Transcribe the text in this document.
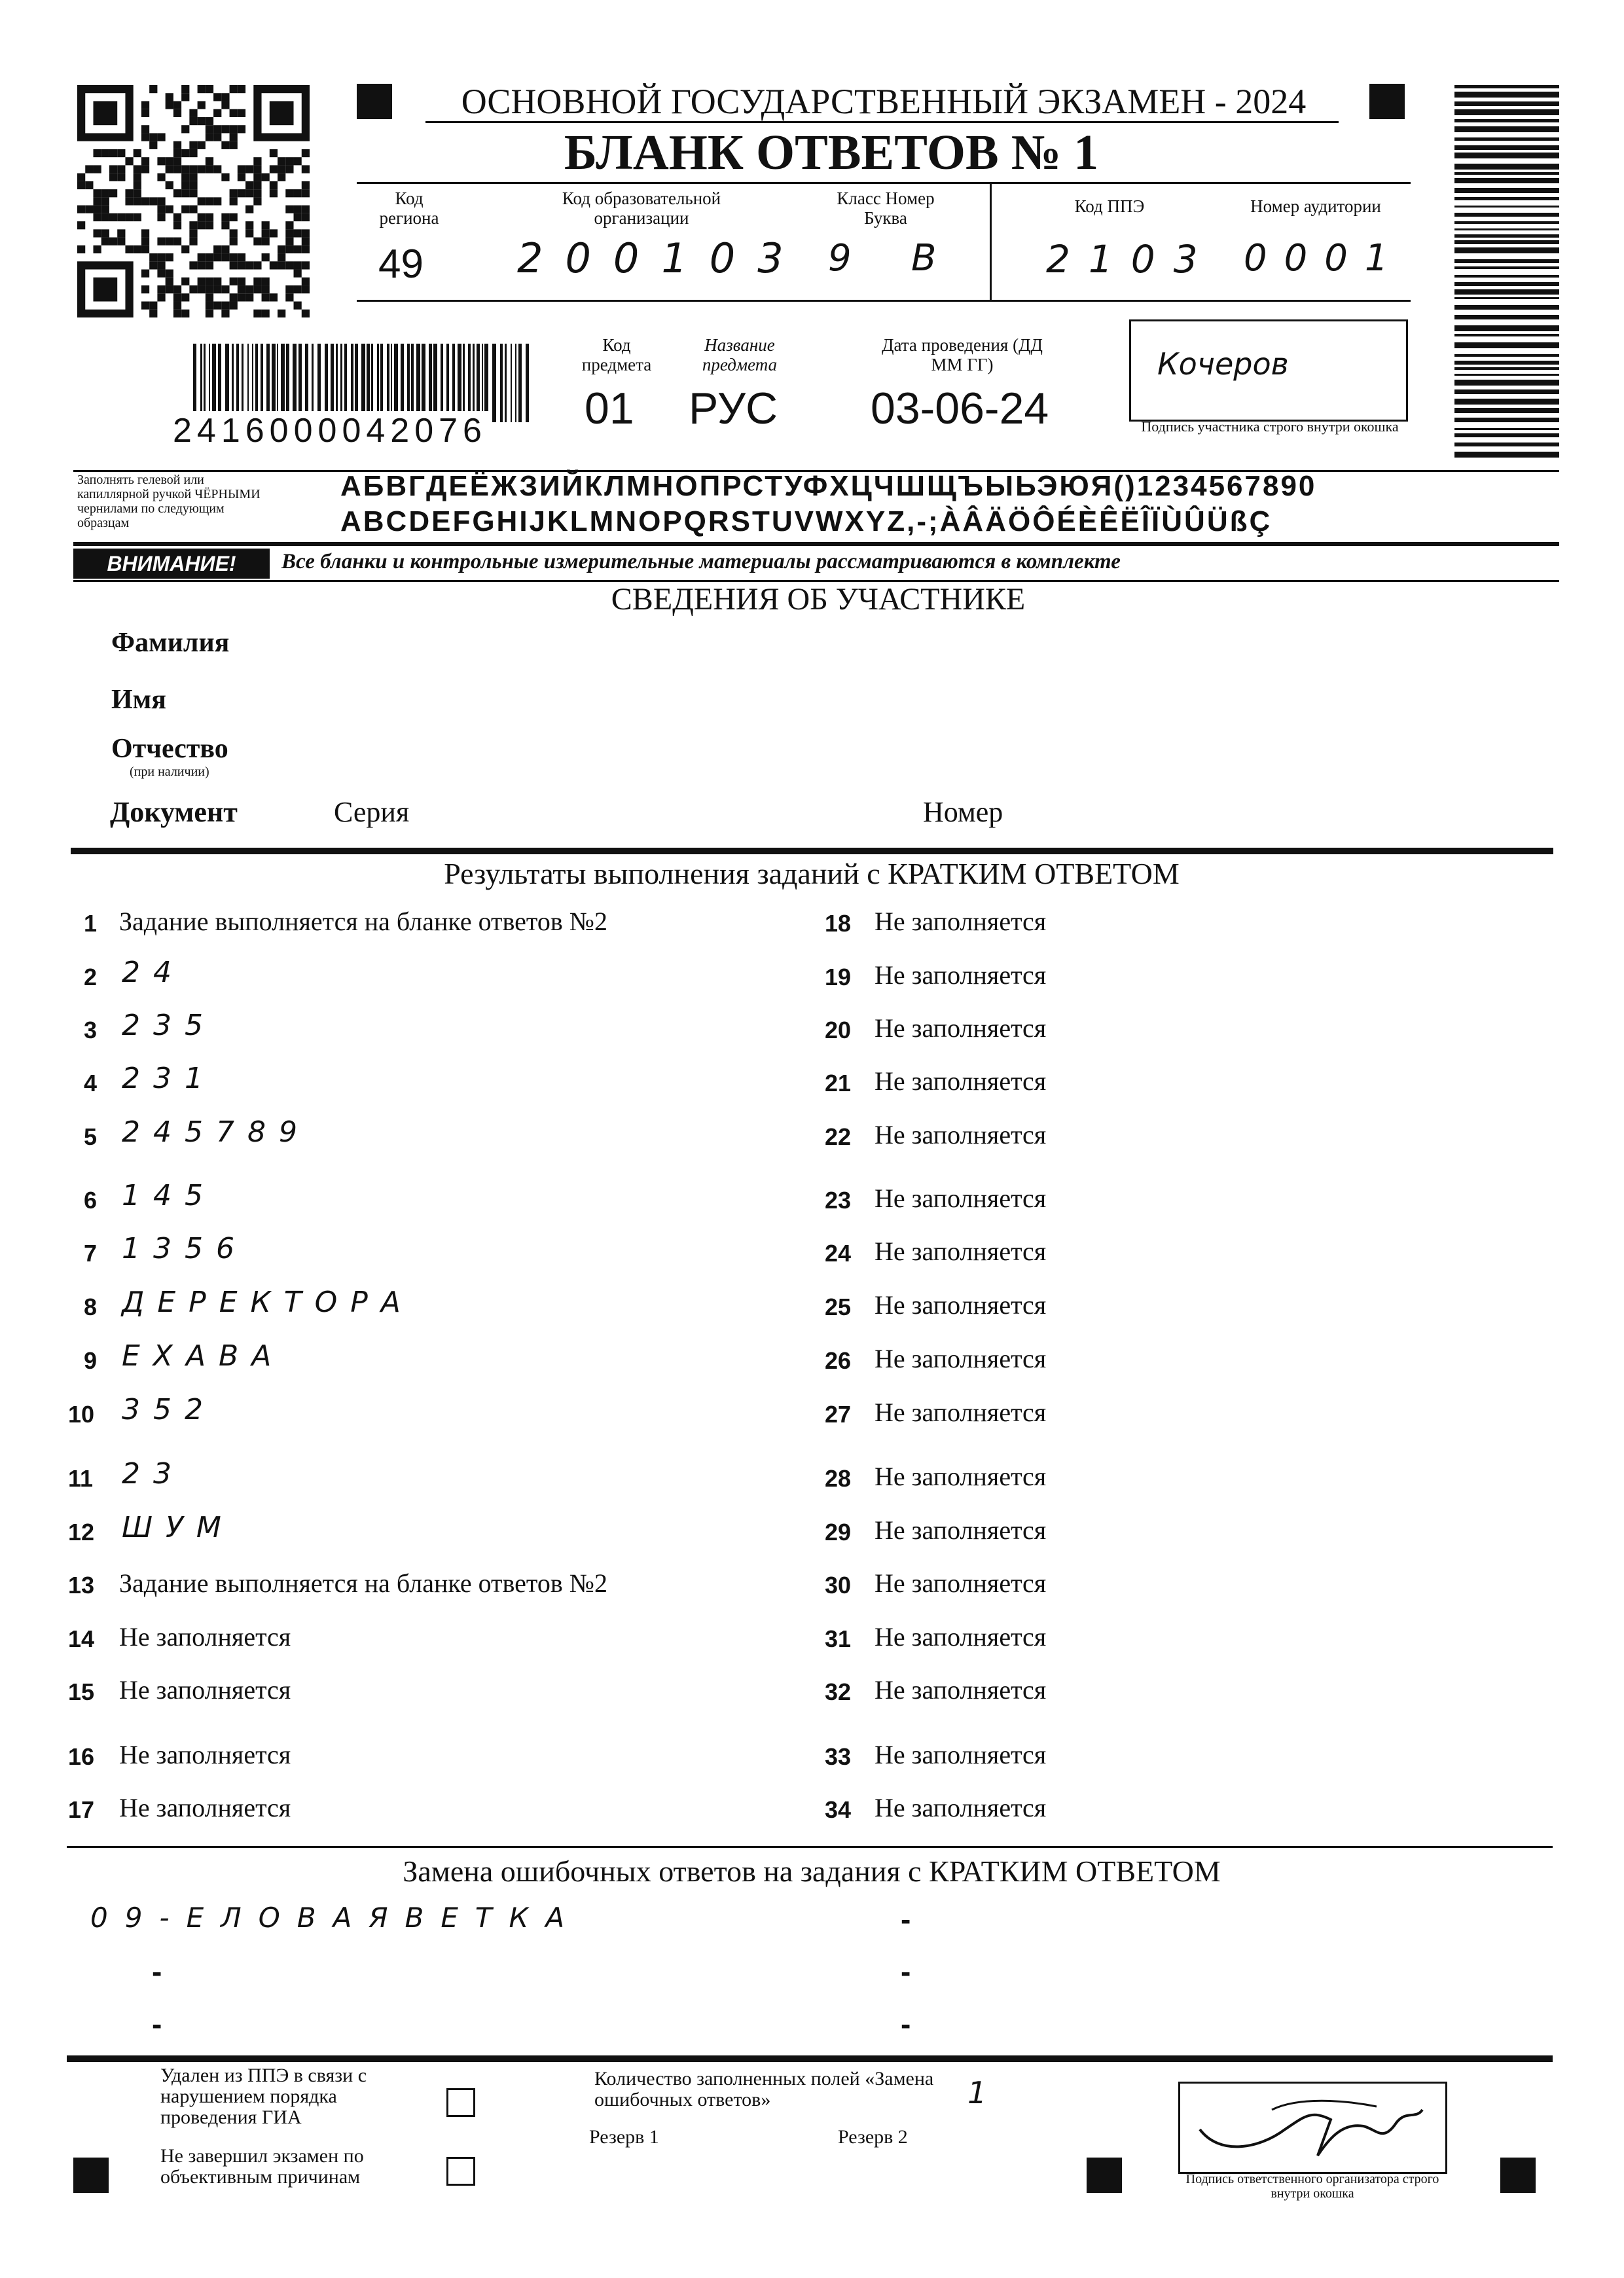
ОСНОВНОЙ ГОСУДАРСТВЕННЫЙ ЭКЗАМЕН - 2024
БЛАНК ОТВЕТОВ № 1
Код региона
49
Код образовательной организации
200103
Класс Номер Буква
9 В
Код ППЭ
2103
Номер аудитории
0001
2416000042076
Код предмета
01
Название предмета
РУС
Дата проведения (ДД ММ ГГ)
03-06-24
Кочеров
Подпись участника строго внутри окошка
Заполнять гелевой или капиллярной ручкой ЧЁРНЫМИ чернилами по следующим образцам
АБВГДЕЁЖЗИЙКЛМНОПРСТУФХЦЧШЩЪЫЬЭЮЯ()1234567890
ABCDEFGHIJKLMNOPQRSTUVWXYZ,-;ÀÂÄÖÔÉÈÊËÎÏÙÛÜßÇ
ВНИМАНИЕ!	Все бланки и контрольные измерительные материалы рассматриваются в комплекте
СВЕДЕНИЯ ОБ УЧАСТНИКЕ
Фамилия
Имя
Отчество
(при наличии)
Документ	Серия	Номер
Результаты выполнения заданий с КРАТКИМ ОТВЕТОМ
1 Задание выполняется на бланке ответов №2
2 24
3 235
4 231
5 245789
6 145
7 1356
8 ДЕРЕКТОРА
9 ЕХАВА
10 352
11 23
12 ШУМ
13 Задание выполняется на бланке ответов №2
14 Не заполняется
15 Не заполняется
16 Не заполняется
17 Не заполняется
18 Не заполняется
19 Не заполняется
20 Не заполняется
21 Не заполняется
22 Не заполняется
23 Не заполняется
24 Не заполняется
25 Не заполняется
26 Не заполняется
27 Не заполняется
28 Не заполняется
29 Не заполняется
30 Не заполняется
31 Не заполняется
32 Не заполняется
33 Не заполняется
34 Не заполняется
Замена ошибочных ответов на задания с КРАТКИМ ОТВЕТОМ
09-ЕЛОВАЯВЕТКА
-
-
-
-
-
Удален из ППЭ в связи с нарушением порядка проведения ГИА
Не завершил экзамен по объективным причинам
Количество заполненных полей «Замена ошибочных ответов»	1
Резерв 1	Резерв 2
Подпись ответственного организатора строго внутри окошка
